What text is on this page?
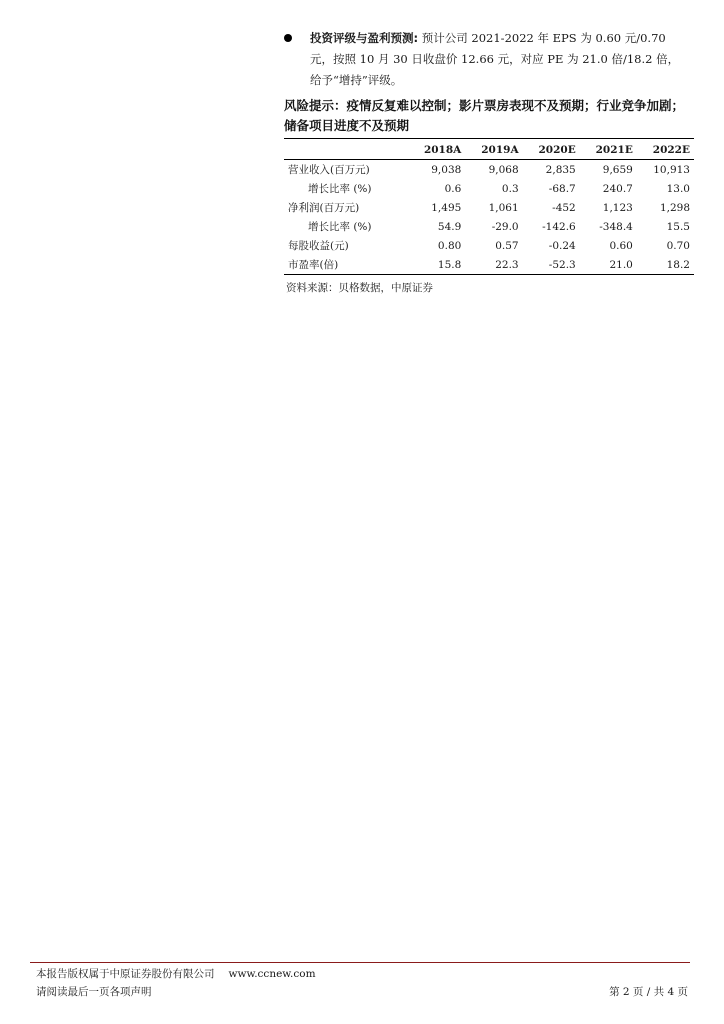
投资评级与盈利预测: 预计公司 2021-2022 年 EPS 为 0.60 元/0.70
元，按照 10 月 30 日收盘价 12.66 元，对应 PE 为 21.0 倍/18.2 倍，
给予“增持”评级。
风险提示：疫情反复难以控制；影片票房表现不及预期；行业竞争加剧；
储备项目进度不及预期
	2018A	2019A	2020E	2021E	2022E
营业收入(百万元)	9,038	9,068	2,835	9,659	10,913
增长比率 (%)	0.6	0.3	-68.7	240.7	13.0
净利润(百万元)	1,495	1,061	-452	1,123	1,298
增长比率 (%)	54.9	-29.0	-142.6	-348.4	15.5
每股收益(元)	0.80	0.57	-0.24	0.60	0.70
市盈率(倍)	15.8	22.3	-52.3	21.0	18.2
资料来源：贝格数据，中原证券
本报告版权属于中原证券股份有限公司 www.ccnew.com
请阅读最后一页各项声明	第 2 页 / 共 4 页
